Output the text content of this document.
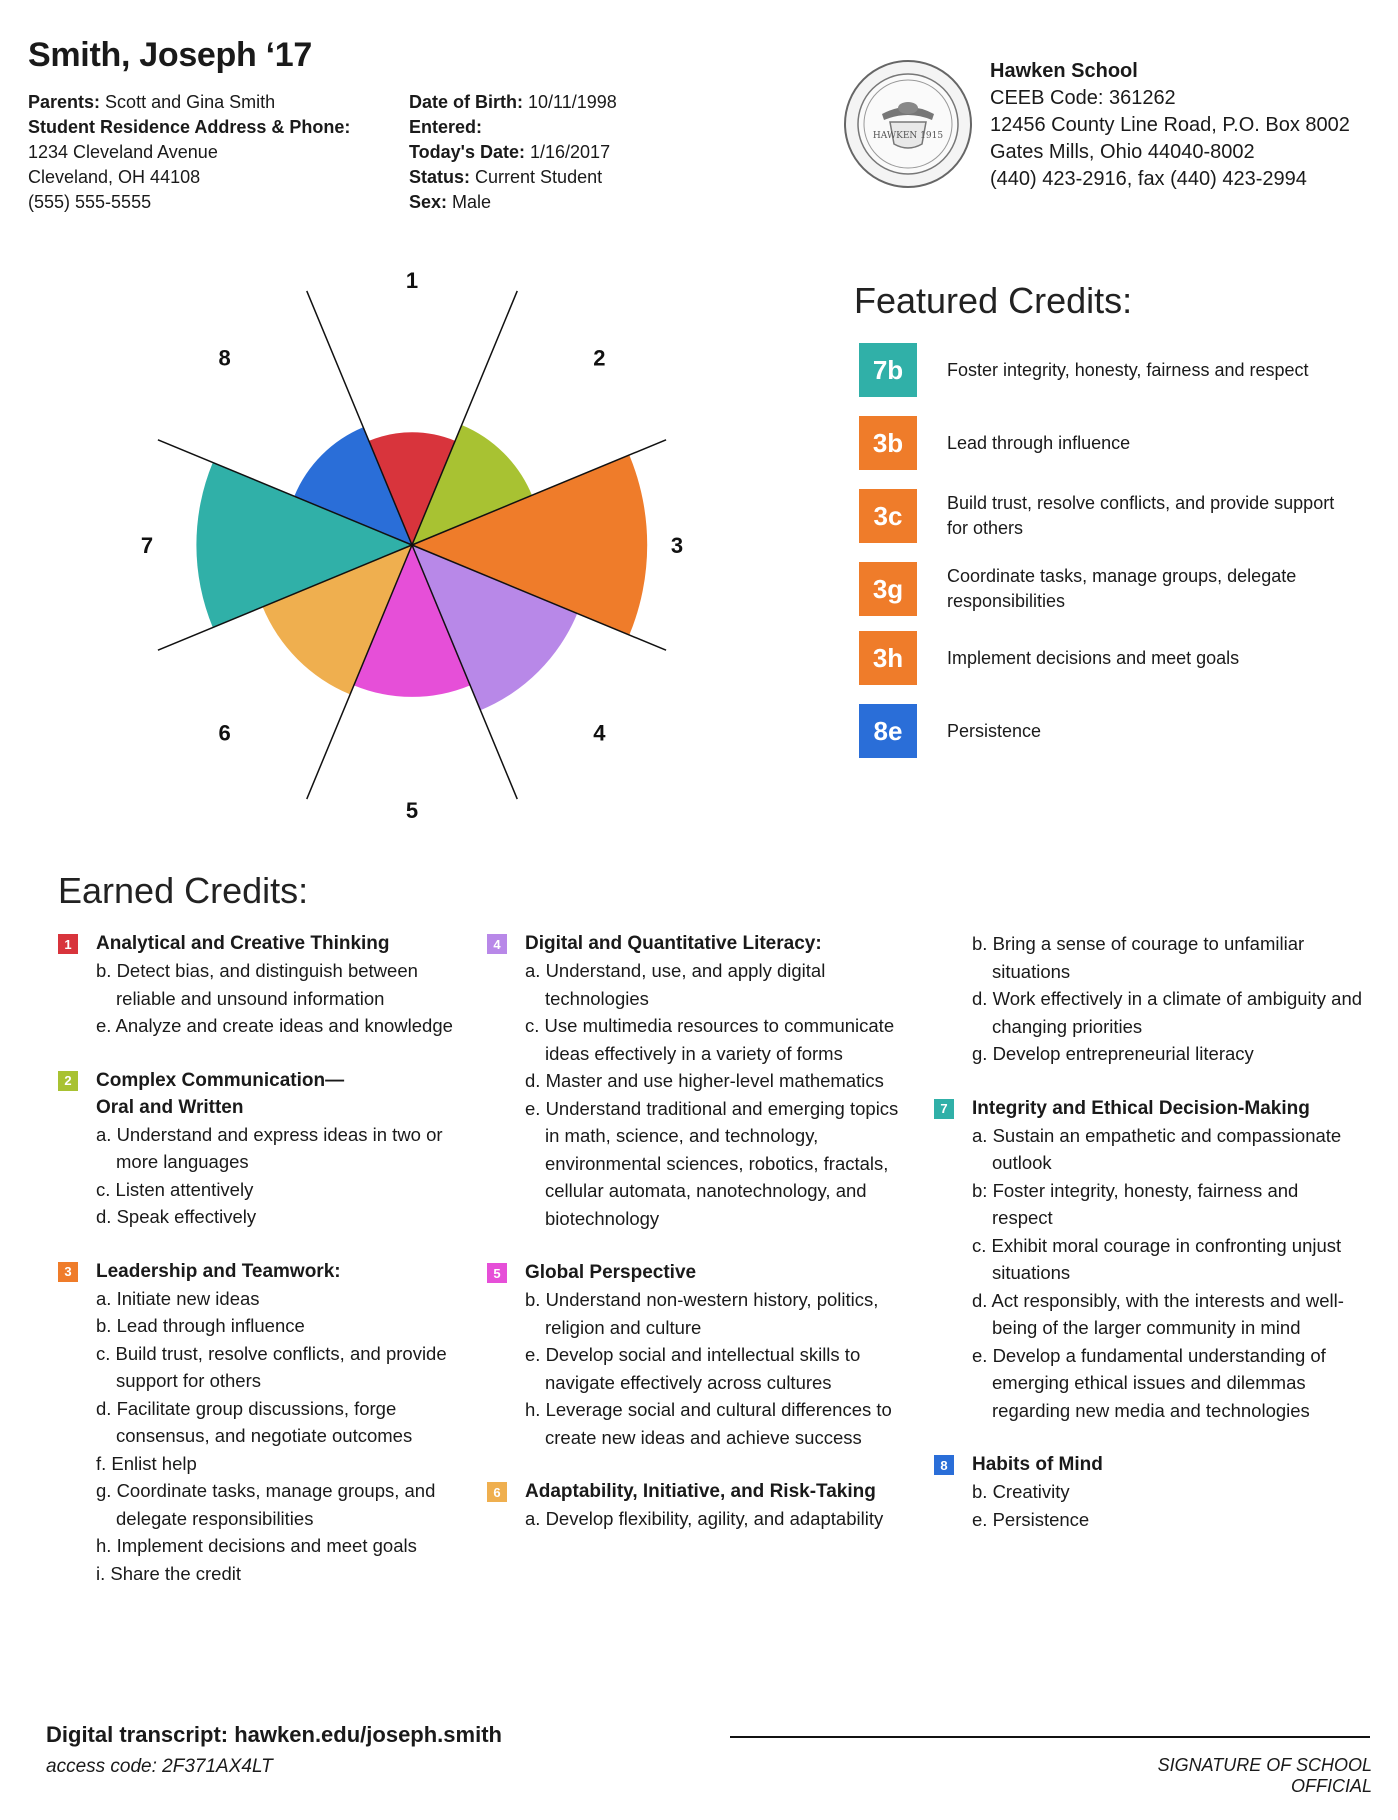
Smith, Joseph ‘17
Parents: Scott and Gina Smith
Student Residence Address & Phone:
1234 Cleveland Avenue
Cleveland, OH 44108
(555) 555-5555
Date of Birth: 10/11/1998
Entered:
Today's Date: 1/16/2017
Status: Current Student
Sex: Male
HAWKEN 1915
Hawken School
CEEB Code: 361262
12456 County Line Road, P.O. Box 8002
Gates Mills, Ohio 44040-8002
(440) 423-2916, fax (440) 423-2994
1
2
3
4
5
6
7
8
Featured Credits:
7b	Foster integrity, honesty, fairness and respect
3b	Lead through influence
3c	Build trust, resolve conflicts, and provide support for others
3g	Coordinate tasks, manage groups, delegate responsibilities
3h	Implement decisions and meet goals
8e	Persistence
Earned Credits:
1	Analytical and Creative Thinking
b. Detect bias, and distinguish between reliable and unsound information
e. Analyze and create ideas and knowledge
2	Complex Communication— Oral and Written
a. Understand and express ideas in two or more languages
c. Listen attentively
d. Speak effectively
3	Leadership and Teamwork:
a. Initiate new ideas
b. Lead through influence
c. Build trust, resolve conflicts, and provide support for others
d. Facilitate group discussions, forge consensus, and negotiate outcomes
f. Enlist help
g. Coordinate tasks, manage groups, and delegate responsibilities
h. Implement decisions and meet goals
i. Share the credit
4	Digital and Quantitative Literacy:
a. Understand, use, and apply digital technologies
c. Use multimedia resources to communicate ideas effectively in a variety of forms
d. Master and use higher-level mathematics
e. Understand traditional and emerging topics in math, science, and technology, environmental sciences, robotics, fractals, cellular automata, nanotechnology, and biotechnology
5	Global Perspective
b. Understand non-western history, politics, religion and culture
e. Develop social and intellectual skills to navigate effectively across cultures
h. Leverage social and cultural differences to create new ideas and achieve success
6	Adaptability, Initiative, and Risk-Taking
a. Develop flexibility, agility, and adaptability
b. Bring a sense of courage to unfamiliar situations
d. Work effectively in a climate of ambiguity and changing priorities
g. Develop entrepreneurial literacy
7	Integrity and Ethical Decision-Making
a. Sustain an empathetic and compassionate outlook
b: Foster integrity, honesty, fairness and respect
c. Exhibit moral courage in confronting unjust situations
d. Act responsibly, with the interests and well-being of the larger community in mind
e. Develop a fundamental understanding of emerging ethical issues and dilemmas regarding new media and technologies
8	Habits of Mind
b. Creativity
e. Persistence
Digital transcript: hawken.edu/joseph.smith
access code: 2F371AX4LT	SIGNATURE OF SCHOOL OFFICIAL
